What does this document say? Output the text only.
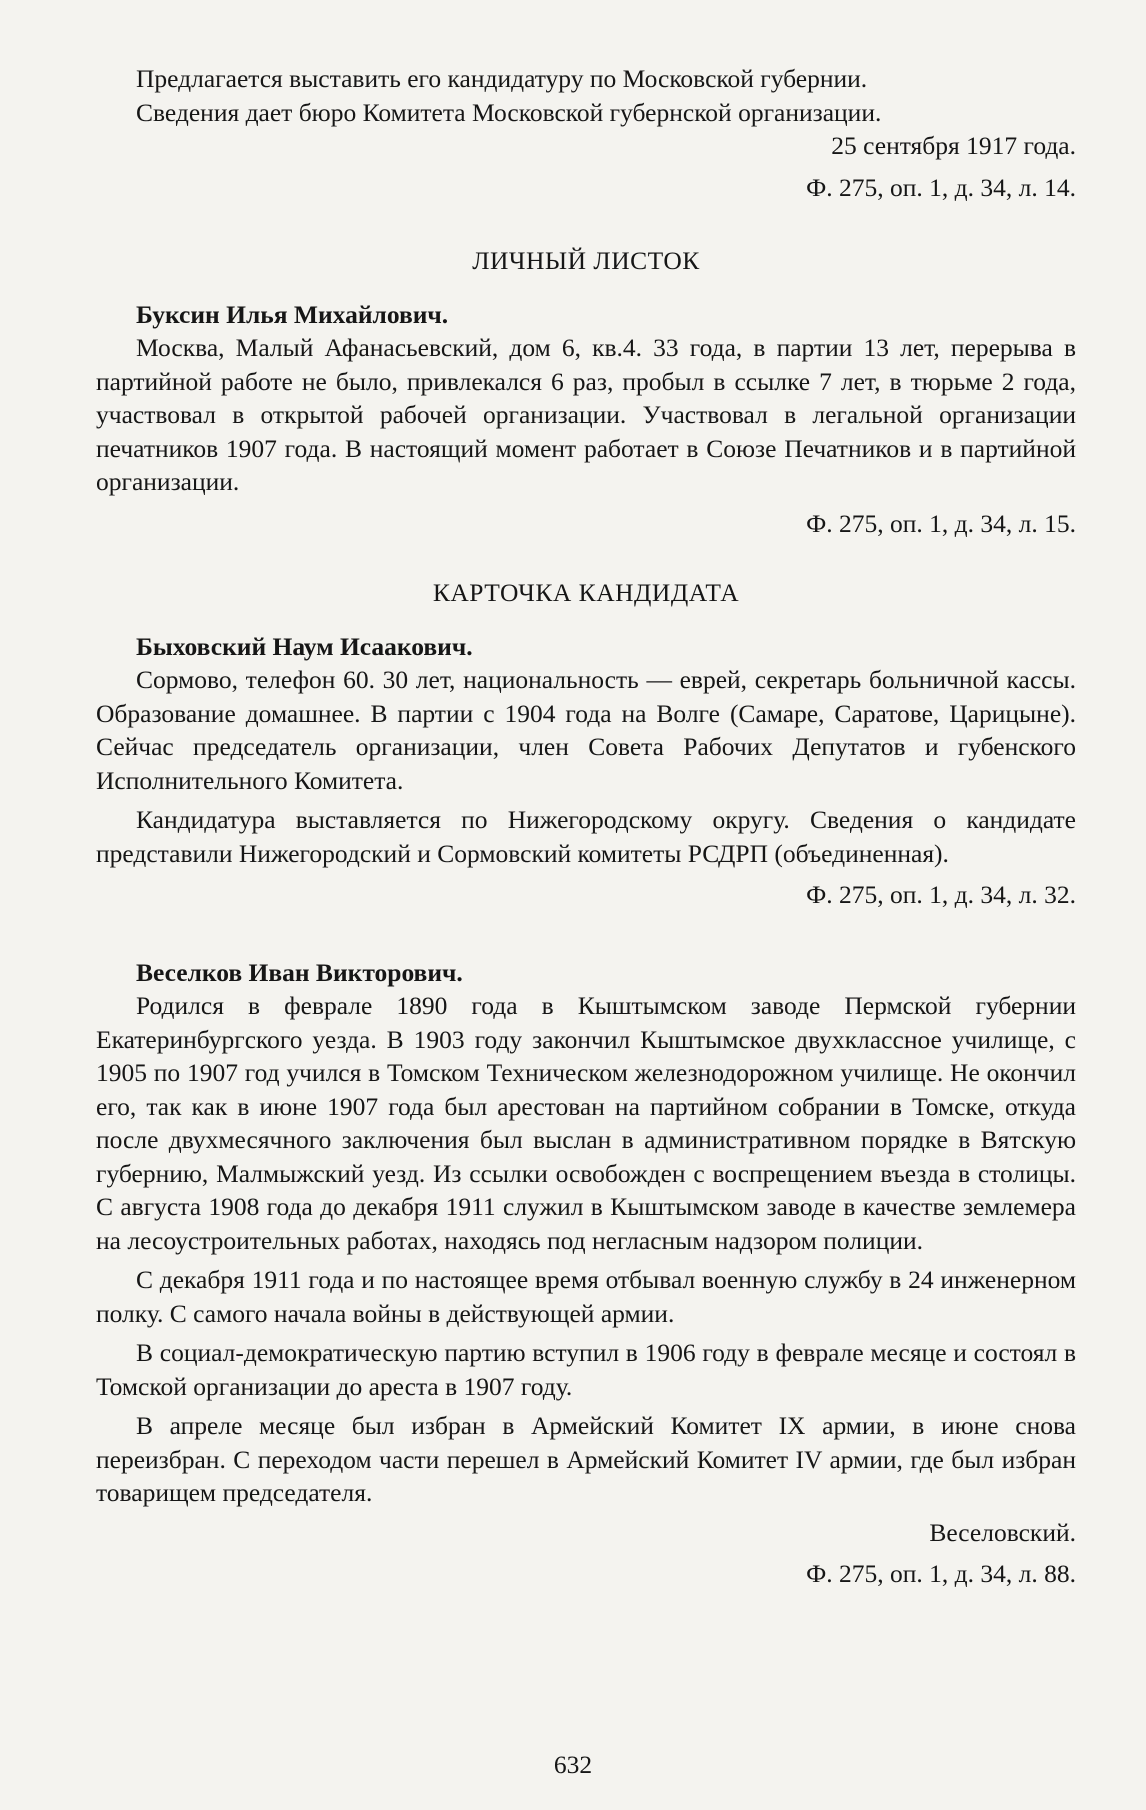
Предлагается выставить его кандидатуру по Московской губернии.

Сведения дает бюро Комитета Московской губернской организации.

25 сентября 1917 года.

Ф. 275, оп. 1, д. 34, л. 14.

ЛИЧНЫЙ ЛИСТОК

Буксин Илья Михайлович.

Москва, Малый Афанасьевский, дом 6, кв.4. 33 года, в партии 13 лет, перерыва в партийной работе не было, привлекался 6 раз, пробыл в ссылке 7 лет, в тюрьме 2 года, участвовал в открытой рабочей организации. Участвовал в легальной организации печатников 1907 года. В настоящий момент работает в Союзе Печатников и в партийной организации.

Ф. 275, оп. 1, д. 34, л. 15.

КАРТОЧКА КАНДИДАТА

Быховский Наум Исаакович.

Сормово, телефон 60. 30 лет, национальность — еврей, секретарь больничной кассы. Образование домашнее. В партии с 1904 года на Волге (Самаре, Саратове, Царицыне). Сейчас председатель организации, член Совета Рабочих Депутатов и губенского Исполнительного Комитета.

Кандидатура выставляется по Нижегородскому округу. Сведения о кандидате представили Нижегородский и Сормовский комитеты РСДРП (объединенная).

Ф. 275, оп. 1, д. 34, л. 32.

Веселков Иван Викторович.

Родился в феврале 1890 года в Кыштымском заводе Пермской губернии Екатеринбургского уезда. В 1903 году закончил Кыштымское двухклассное училище, с 1905 по 1907 год учился в Томском Техническом железнодорожном училище. Не окончил его, так как в июне 1907 года был арестован на партийном собрании в Томске, откуда после двухмесячного заключения был выслан в административном порядке в Вятскую губернию, Малмыжский уезд. Из ссылки освобожден с воспрещением въезда в столицы. С августа 1908 года до декабря 1911 служил в Кыштымском заводе в качестве землемера на лесоустроительных работах, находясь под негласным надзором полиции.

С декабря 1911 года и по настоящее время отбывал военную службу в 24 инженерном полку. С самого начала войны в действующей армии.

В социал-демократическую партию вступил в 1906 году в феврале месяце и состоял в Томской организации до ареста в 1907 году.

В апреле месяце был избран в Армейский Комитет IX армии, в июне снова переизбран. С переходом части перешел в Армейский Комитет IV армии, где был избран товарищем председателя.

Веселовский.

Ф. 275, оп. 1, д. 34, л. 88.

632
